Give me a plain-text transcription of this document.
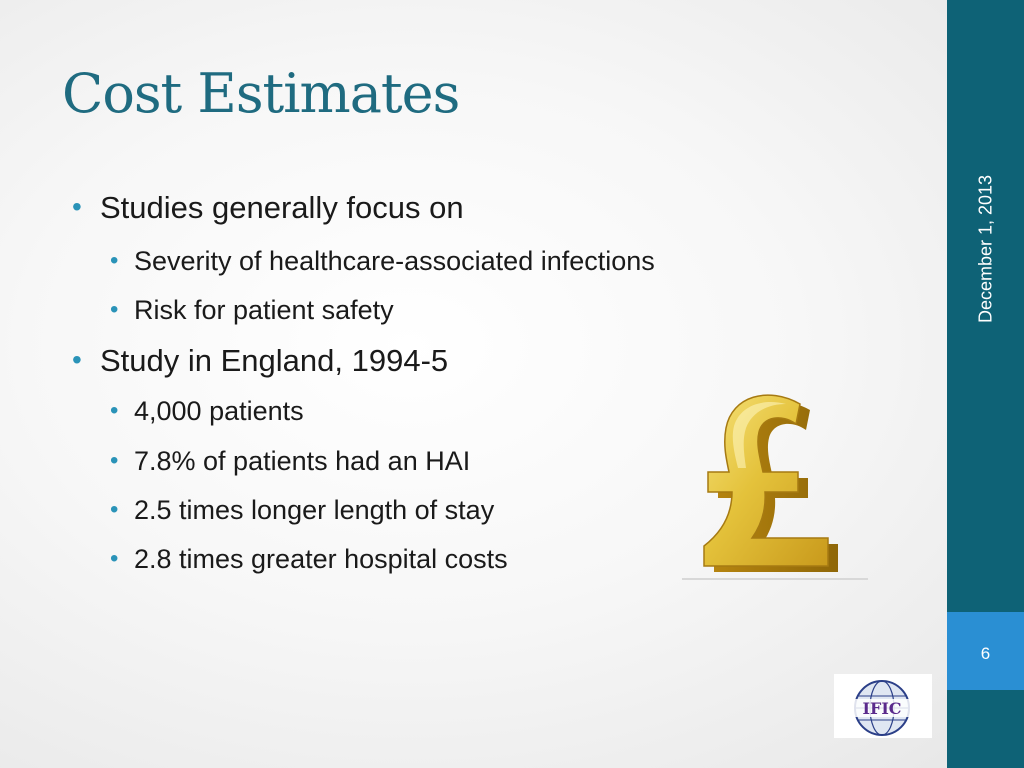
Cost Estimates
• Studies generally focus on
• Severity of healthcare-associated infections
• Risk for patient safety
• Study in England, 1994-5
• 4,000 patients
• 7.8% of patients had an HAI
• 2.5 times longer length of stay
• 2.8 times greater hospital costs
December 1, 2013
6
IFIC
